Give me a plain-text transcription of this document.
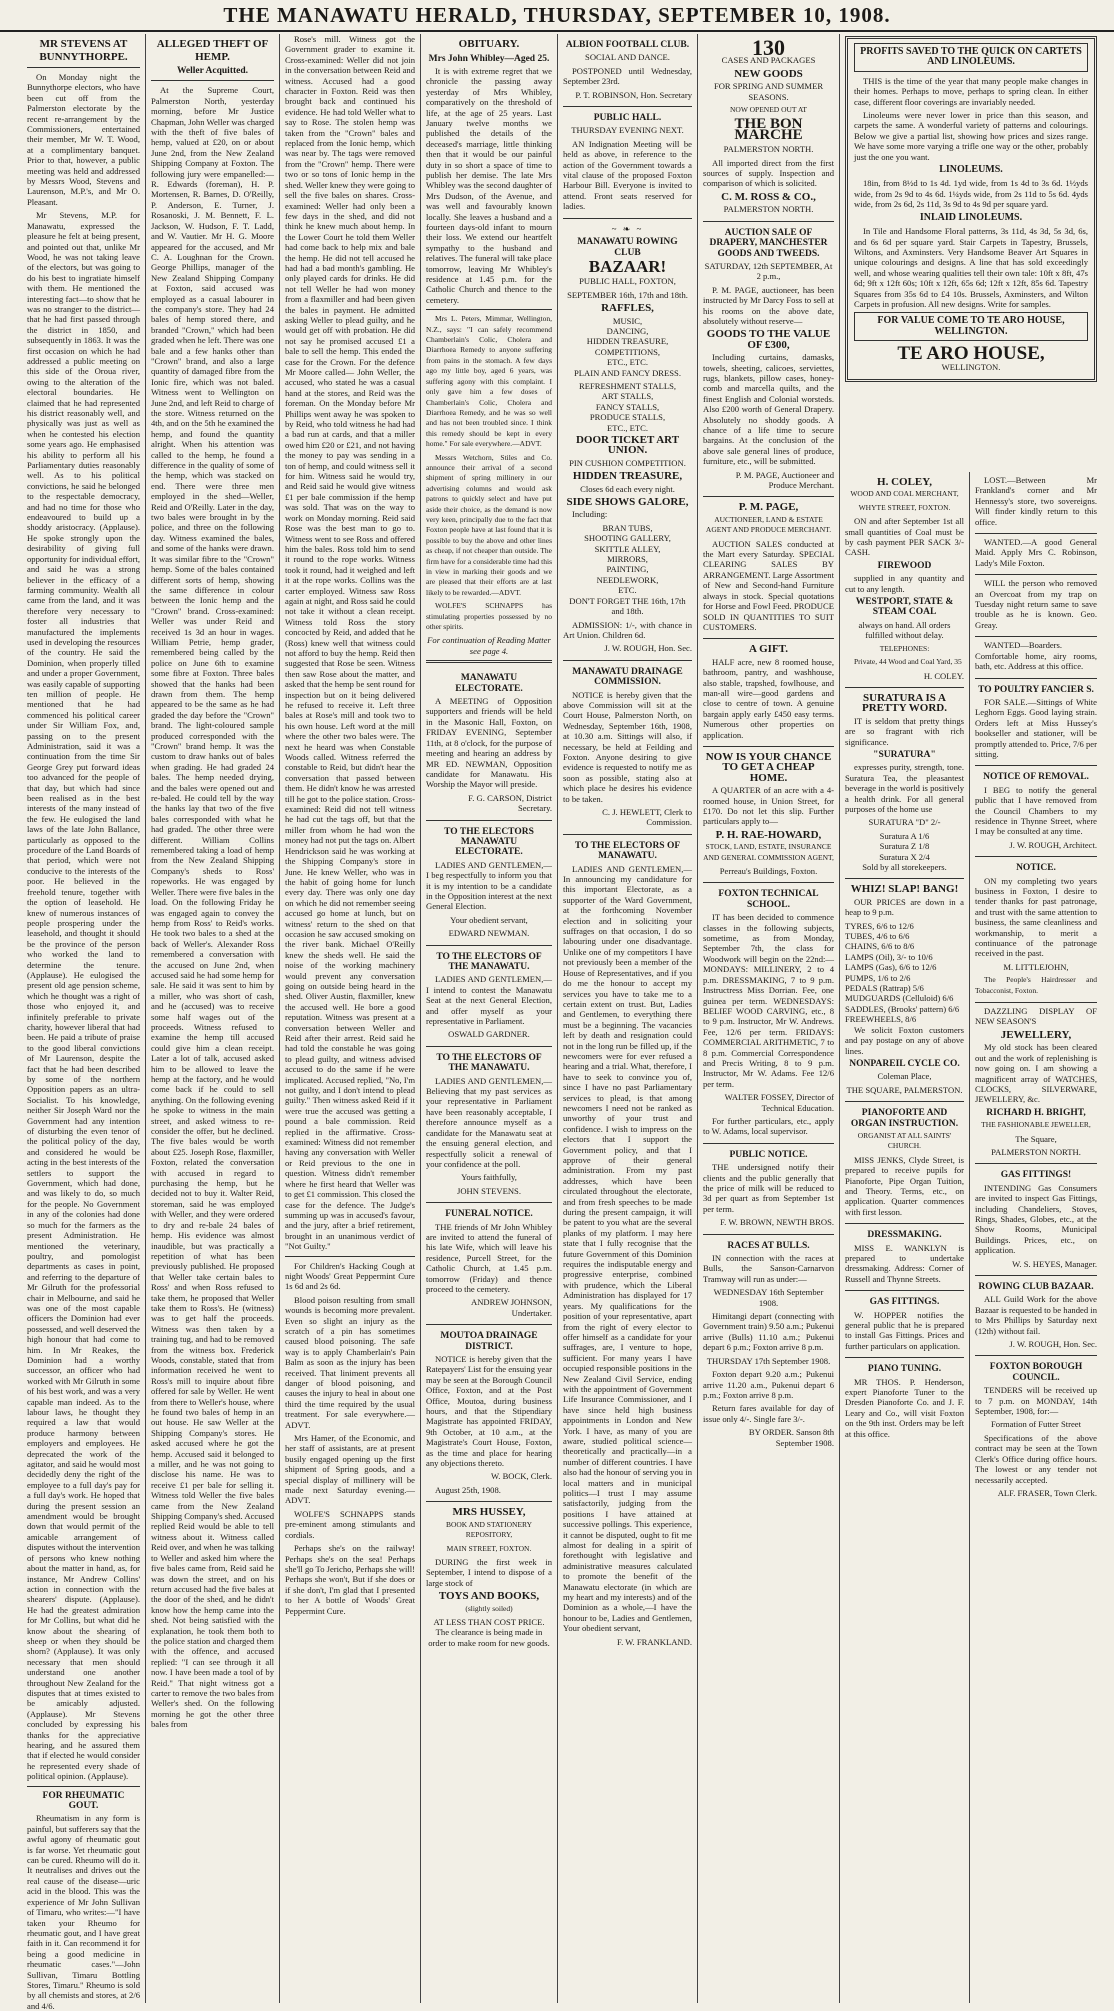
THE MANAWATU HERALD, THURSDAY, SEPTEMBER 10, 1908.
MR STEVENS AT BUNNYTHORPE.

On Monday night the Bunnythorpe electors, who have been cut off from the Palmerston electorate by the recent re-arrangement by the Commissioners, entertained their member, Mr W. T. Wood, at a complimentary banquet. Prior to that, however, a public meeting was held and addressed by Messrs Wood, Stevens and Laurenson, M.P.'s, and Mr O. Pleasant.

Mr Stevens, M.P. for Manawatu, expressed the pleasure he felt at being present, and pointed out that, unlike Mr Wood, he was not taking leave of the electors, but was going to do his best to ingratiate himself with them. He mentioned the interesting fact—to show that he was no stranger to the district—that he had first passed through the district in 1850, and subsequently in 1863. It was the first occasion on which he had addressed a public meeting on this side of the Oroua river, owing to the alteration of the electoral boundaries. He claimed that he had represented his district reasonably well, and physically was just as well as when he contested his election some years ago. He emphasised his ability to perform all his Parliamentary duties reasonably well. As to his political convictions, he said he belonged to the respectable democracy, and had no time for those who endeavoured to build up a shoddy aristocracy. (Applause). He spoke strongly upon the desirability of giving full opportunity for individual effort, and said he was a strong believer in the efficacy of a farming community. Wealth all came from the land, and it was therefore very necessary to foster all industries that manufactured the implements used in developing the resources of the country. He said the Dominion, when properly tilled and under a proper Government, was easily capable of supporting ten million of people. He mentioned that he had commenced his political career under Sir William Fox, and, passing on to the present Administration, said it was a continuation from the time Sir George Grey put forward ideas too advanced for the people of that day, but which had since been realised as in the best interests of the many instead of the few. He eulogised the land laws of the late John Ballance, particularly as opposed to the procedure of the Land Boards of that period, which were not conducive to the interests of the poor. He believed in the freehold tenure, together with the option of leasehold. He knew of numerous instances of people prospering under the leasehold, and thought it should be the province of the person who worked the land to determine the tenure. (Applause). He eulogised the present old age pension scheme, which he thought was a right of those who enjoyed it, and infinitely preferable to private charity, however liberal that had been. He paid a tribute of praise to the good liberal convictions of Mr Laurenson, despite the fact that he had been described by some of the northern Opposition papers as an ultra-Socialist. To his knowledge, neither Sir Joseph Ward nor the Government had any intention of disturbing the even tenor of the political policy of the day, and considered he would be acting in the best interests of the settlers to support the Government, which had done, and was likely to do, so much for the people. No Government in any of the colonies had done so much for the farmers as the present Administration. He mentioned the veterinary, poultry, and pomologist departments as cases in point, and referring to the departure of Mr Gilruth for the professorial chair in Melbourne, and said he was one of the most capable officers the Dominion had ever possessed, and well deserved the high honour that had come to him. In Mr Reakes, the Dominion had a worthy successor, an officer who had worked with Mr Gilruth in some of his best work, and was a very capable man indeed. As to the labour laws, he thought they required a law that would produce harmony between employers and employees. He deprecated the work of the agitator, and said he would most decidedly deny the right of the employee to a full day's pay for a full day's work. He hoped that during the present session an amendment would be brought down that would permit of the amicable arrangement of disputes without the intervention of persons who knew nothing about the matter in hand, as, for instance, Mr Andrew Collins' action in connection with the shearers' dispute. (Applause). He had the greatest admiration for Mr Collins, but what did he know about the shearing of sheep or when they should be shorn? (Applause). It was only necessary that men should understand one another throughout New Zealand for the disputes that at times existed to be amicably adjusted. (Applause). Mr Stevens concluded by expressing his thanks for the appreciative hearing, and he assured them that if elected he would consider he represented every shade of political opinion. (Applause).

FOR RHEUMATIC GOUT.

Rheumatism in any form is painful, but sufferers say that the awful agony of rheumatic gout is far worse. Yet rheumatic gout can be cured. Rheumo will do it. It neutralises and drives out the real cause of the disease—uric acid in the blood. This was the experience of Mr John Sullivan of Timaru, who writes:—"I have taken your Rheumo for rheumatic gout, and I have great faith in it. Can recommend it for being a good medicine in rheumatic cases."—John Sullivan, Timaru Bottling Stores, Timaru." Rheumo is sold by all chemists and stores, at 2/6 and 4/6.

ALLEGED THEFT OF HEMP.
Weller Acquitted.

At the Supreme Court, Palmerston North, yesterday morning, before Mr Justice Chapman, John Weller was charged with the theft of five bales of hemp, valued at £20, on or about June 2nd, from the New Zealand Shipping Company at Foxton. The following jury were empanelled:—R. Edwards (foreman), H. P. Mortensen, R. Barnes, D. O'Reilly, P. Anderson, E. Turner, J. Rosanoski, J. M. Bennett, F. L. Jackson, W. Hudson, F. T. Ladd, and W. Vautier. Mr H. G. Moore appeared for the accused, and Mr C. A. Loughnan for the Crown. George Phillips, manager of the New Zealand Shipping Company at Foxton, said accused was employed as a casual labourer in the company's store. They had 24 bales of hemp stored there, and branded "Crown," which had been graded when he left. There was one bale and a few hanks other than "Crown" brand, and also a large quantity of damaged fibre from the Ionic fire, which was not baled. Witness went to Wellington on June 2nd, and left Reid to charge of the store. Witness returned on the 4th, and on the 5th he examined the hemp, and found the quantity alright. When his attention was called to the hemp, he found a difference in the quality of some of the hemp, which was stacked on end. There were three men employed in the shed—Weller, Reid and O'Reilly. Later in the day, two bales were brought in by the police, and three on the following day. Witness examined the bales, and some of the hanks were drawn. It was similar fibre to the "Crown" hemp. Some of the bales contained different sorts of hemp, showing the same difference in colour between the Ionic hemp and the "Crown" brand. Cross-examined: Weller was under Reid and received 1s 3d an hour in wages. William Petrie, hemp grader, remembered being called by the police on June 6th to examine some fibre at Foxton. Three bales showed that the hanks had been drawn from them. The hemp appeared to be the same as he had graded the day before the "Crown" brand. The light-coloured sample produced corresponded with the "Crown" brand hemp. It was the custom to draw hanks out of bales when grading. He had graded 24 bales. The hemp needed drying, and the bales were opened out and re-baled. He could tell by the way the hanks lay that two of the five bales corresponded with what he had graded. The other three were different. William Collins remembered taking a load of hemp from the New Zealand Shipping Company's sheds to Ross' ropeworks. He was engaged by Weller. There were five bales in the load. On the following Friday he was engaged again to convey the hemp from Ross' to Reid's works. He took two bales to a shed at the back of Weller's. Alexander Ross remembered a conversation with the accused on June 2nd, when accused said he had some hemp for sale. He said it was sent to him by a miller, who was short of cash, and he (accused) was to receive some half wages out of the proceeds. Witness refused to examine the hemp till accused could give him a clean receipt. Later a lot of talk, accused asked him to be allowed to leave the hemp at the factory, and he would come back if he could to sell anything. On the following evening he spoke to witness in the main street, and asked witness to re-consider the offer, but he declined. The five bales would be worth about £25. Joseph Rose, flaxmiller, Foxton, related the conversation with accused in regard to purchasing the hemp, but he decided not to buy it. Walter Reid, storeman, said he was employed with Weller, and they were ordered to dry and re-bale 24 bales of hemp. His evidence was almost inaudible, but was practically a repetition of what has been previously published. He proposed that Weller take certain bales to Ross' and when Ross refused to take them, he proposed that Weller take them to Ross's. He (witness) was to get half the proceeds. Witness was then taken by a training tug, and had to be removed from the witness box. Frederick Woods, constable, stated that from information received he went to Ross's mill to inquire about fibre offered for sale by Weller. He went from there to Weller's house, where he found two bales of hemp in an out house. He saw Weller at the Shipping Company's stores. He asked accused where he got the hemp. Accused said it belonged to a miller, and he was not going to disclose his name. He was to receive £1 per bale for selling it. Witness told Weller the five bales came from the New Zealand Shipping Company's shed. Accused replied Reid would be able to tell witness about it. Witness called Reid over, and when he was talking to Weller and asked him where the five bales came from, Reid said he was down the street, and on his return accused had the five bales at the door of the shed, and he didn't know how the hemp came into the shed. Not being satisfied with the explanation, he took them both to the police station and charged them with the offence, and accused replied: "I can see through it all now. I have been made a tool of by Reid." That night witness got a carter to remove the two bales from Weller's shed. On the following morning he got the other three bales from

Rose's mill. Witness got the Government grader to examine it. Cross-examined: Weller did not join in the conversation between Reid and witness. Accused had a good character in Foxton. Reid was then brought back and continued his evidence. He had told Weller what to say to Rose. The stolen hemp was taken from the "Crown" bales and replaced from the Ionic hemp, which was near by. The tags were removed from the "Crown" hemp. There were two or so tons of Ionic hemp in the shed. Weller knew they were going to sell the five bales on shares. Cross-examined: Weller had only been a few days in the shed, and did not think he knew much about hemp. In the Lower Court he told them Weller had come back to help mix and bale the hemp. He did not tell accused he had had a bad month's gambling. He only played cards for drinks. He did not tell Weller he had won money from a flaxmiller and had been given the bales in payment. He admitted asking Weller to plead guilty, and he would get off with probation. He did not say he promised accused £1 a bale to sell the hemp. This ended the case for the Crown. For the defence Mr Moore called— John Weller, the accused, who stated he was a casual hand at the stores, and Reid was the foreman. On the Monday before Mr Phillips went away he was spoken to by Reid, who told witness he had had a bad run at cards, and that a miller owed him £20 or £21, and not having the money to pay was sending in a ton of hemp, and could witness sell it for him. Witness said he would try, and Reid said he would give witness £1 per bale commission if the hemp was sold. That was on the way to work on Monday morning. Reid said Rose was the best man to go to. Witness went to see Ross and offered him the bales. Ross told him to send it round to the rope works. Witness took it round, had it weighed and left it at the rope works. Collins was the carter employed. Witness saw Ross again at night, and Ross said he could not take it without a clean receipt. Witness told Ross the story concocted by Reid, and added that he (Ross) knew well that witness could not afford to buy the hemp. Reid then suggested that Rose be seen. Witness then saw Rose about the matter, and asked that the hemp be sent round for inspection but on it being delivered he refused to receive it. Left three bales at Rose's mill and took two to his own house. Left word at the mill where the other two bales were. The next he heard was when Constable Woods called. Witness referred the constable to Reid, but didn't hear the conversation that passed between them. He didn't know he was arrested till he got to the police station. Cross-examined: Reid did not tell witness he had cut the tags off, but that the miller from whom he had won the money had not put the tags on. Albert Hendrickson said he was working at the Shipping Company's store in June. He knew Weller, who was in the habit of going home for lunch every day. There was only one day on which he did not remember seeing accused go home at lunch, but on witness' return to the shed on that occasion he saw accused smoking on the river bank. Michael O'Reilly knew the sheds well. He said the noise of the working machinery would prevent any conversation going on outside being heard in the shed. Oliver Austin, flaxmiller, knew the accused well. He bore a good reputation. Witness was present at a conversation between Weller and Reid after their arrest. Reid said he had told the constable he was going to plead guilty, and witness advised accused to do the same if he were implicated. Accused replied, "No, I'm not guilty, and I don't intend to plead guilty." Then witness asked Reid if it were true the accused was getting a pound a bale commission. Reid replied in the affirmative. Cross-examined: Witness did not remember having any conversation with Weller or Reid previous to the one in question. Witness didn't remember where he first heard that Weller was to get £1 commission. This closed the case for the defence. The Judge's summing up was in accused's favour, and the jury, after a brief retirement, brought in an unanimous verdict of "Not Guilty."

For Children's Hacking Cough at night Woods' Great Peppermint Cure 1s 6d and 2s 6d.

Blood poison resulting from small wounds is becoming more prevalent. Even so slight an injury as the scratch of a pin has sometimes caused blood poisoning. The safe way is to apply Chamberlain's Pain Balm as soon as the injury has been received. That liniment prevents all danger of blood poisoning, and causes the injury to heal in about one third the time required by the usual treatment. For sale everywhere.—ADVT.

Mrs Hamer, of the Economic, and her staff of assistants, are at present busily engaged opening up the first shipment of Spring goods, and a special display of millinery will be made next Saturday evening.—ADVT.

WOLFE'S SCHNAPPS stands pre-eminent among stimulants and cordials.

Perhaps she's on the railway! Perhaps she's on the sea! Perhaps she'll go To Jericho, Perhaps she will! Perhaps she won't, But if she does or if she don't, I'm glad that I presented to her A bottle of Woods' Great Peppermint Cure.

OBITUARY.
Mrs John Whibley—Aged 25.

It is with extreme regret that we chronicle the passing away yesterday of Mrs Whibley, comparatively on the threshold of life, at the age of 25 years. Last January twelve months we published the details of the deceased's marriage, little thinking then that it would be our painful duty in so short a space of time to publish her demise. The late Mrs Whibley was the second daughter of Mrs Dudson, of the Avenue, and was well and favourably known locally. She leaves a husband and a fourteen days-old infant to mourn their loss. We extend our heartfelt sympathy to the husband and relatives. The funeral will take place tomorrow, leaving Mr Whibley's residence at 1.45 p.m. for the Catholic Church and thence to the cemetery.

Mrs L. Peters, Mimmar, Wellington, N.Z., says: "I can safely recommend Chamberlain's Colic, Cholera and Diarrhoea Remedy to anyone suffering from pains in the stomach. A few days ago my little boy, aged 6 years, was suffering agony with this complaint. I only gave him a few doses of Chamberlain's Colic, Cholera and Diarrhoea Remedy, and he was so well and has not been troubled since. I think this remedy should be kept in every home." For sale everywhere.—ADVT.

Messrs Wetchorn, Stiles and Co. announce their arrival of a second shipment of spring millinery in our advertising columns and would ask patrons to quickly select and have put aside their choice, as the demand is now very keen, principally due to the fact that Foxton people have at last found that it is possible to buy the above and other lines as cheap, if not cheaper than outside. The firm have for a considerable time had this in view in marking their goods and we are pleased that their efforts are at last likely to be rewarded.—ADVT.

WOLFE'S SCHNAPPS has stimulating properties possessed by no other spirits.

For continuation of Reading Matter see page 4.

MANAWATU ELECTORATE.

A MEETING of Opposition supporters and friends will be held in the Masonic Hall, Foxton, on FRIDAY EVENING, September 11th, at 8 o'clock, for the purpose of meeting and hearing an address by MR ED. NEWMAN, Opposition candidate for Manawatu. His Worship the Mayor will preside.

F. G. CARSON, District Secretary.

TO THE ELECTORS MANAWATU ELECTORATE.

LADIES AND GENTLEMEN,—I beg respectfully to inform you that it is my intention to be a candidate in the Opposition interest at the next General Election.

Your obedient servant,

EDWARD NEWMAN.

TO THE ELECTORS OF THE MANAWATU.

LADIES AND GENTLEMEN,—I intend to contest the Manawatu Seat at the next General Election, and offer myself as your representative in Parliament.

OSWALD GARDNER.

TO THE ELECTORS OF THE MANAWATU.

LADIES AND GENTLEMEN,— Believing that my past services as your representative in Parliament have been reasonably acceptable, I therefore announce myself as a candidate for the Manawatu seat at the ensuing general election, and respectfully solicit a renewal of your confidence at the poll.

Yours faithfully,

JOHN STEVENS.

FUNERAL NOTICE.

THE friends of Mr John Whibley are invited to attend the funeral of his late Wife, which will leave his residence, Purcell Street, for the Catholic Church, at 1.45 p.m. tomorrow (Friday) and thence proceed to the cemetery.

ANDREW JOHNSON, Undertaker.

MOUTOA DRAINAGE DISTRICT.

NOTICE is hereby given that the Ratepayers' List for the ensuing year may be seen at the Borough Council Office, Foxton, and at the Post Office, Moutoa, during business hours, and that the Stipendiary Magistrate has appointed FRIDAY, 9th October, at 10 a.m., at the Magistrate's Court House, Foxton, as the time and place for hearing any objections thereto.

W. BOCK, Clerk.

August 25th, 1908.

MRS HUSSEY,

BOOK AND STATIONERY REPOSITORY,

MAIN STREET, FOXTON.

DURING the first week in September, I intend to dispose of a large stock of

TOYS AND BOOKS,

(slightly soiled)

AT LESS THAN COST PRICE. The clearance is being made in order to make room for new goods.

ALBION FOOTBALL CLUB.

SOCIAL AND DANCE.

POSTPONED until Wednesday, September 23rd.

P. T. ROBINSON, Hon. Secretary

PUBLIC HALL.

THURSDAY EVENING NEXT.

AN Indignation Meeting will be held as above, in reference to the action of the Government towards a vital clause of the proposed Foxton Harbour Bill. Everyone is invited to attend. Front seats reserved for ladies.

~ ❧ ~
MANAWATU ROWING CLUB
BAZAAR!

PUBLIC HALL, FOXTON,

SEPTEMBER 16th, 17th and 18th.

RAFFLES,

MUSIC,

DANCING,

HIDDEN TREASURE,

COMPETITIONS,

ETC., ETC.

PLAIN AND FANCY DRESS.

REFRESHMENT STALLS,

ART STALLS,

FANCY STALLS,

PRODUCE STALLS,

ETC., ETC.

DOOR TICKET ART UNION.

PIN CUSHION COMPETITION.

HIDDEN TREASURE,

Closes 6d each every night.

SIDE SHOWS GALORE,

Including:

BRAN TUBS,

SHOOTING GALLERY,

SKITTLE ALLEY,

MIRRORS,

PAINTING,

NEEDLEWORK,

ETC.

DON'T FORGET THE 16th, 17th and 18th.

ADMISSION: 1/-, with chance in Art Union. Children 6d.

J. W. ROUGH, Hon. Sec.

MANAWATU DRAINAGE COMMISSION.

NOTICE is hereby given that the above Commission will sit at the Court House, Palmerston North, on Wednesday, September 16th, 1908, at 10.30 a.m. Sittings will also, if necessary, be held at Feilding and Foxton. Anyone desiring to give evidence is requested to notify me as soon as possible, stating also at which place he desires his evidence to be taken.

C. J. HEWLETT, Clerk to Commission.

TO THE ELECTORS OF MANAWATU.

LADIES AND GENTLEMEN,—In announcing my candidature for this important Electorate, as a supporter of the Ward Government, at the forthcoming November election and in soliciting your suffrages on that occasion, I do so labouring under one disadvantage. Unlike one of my competitors I have not previously been a member of the House of Representatives, and if you do me the honour to accept my services you have to take me to a certain extent on trust. But, Ladies and Gentlemen, to everything there must be a beginning. The vacancies left by death and resignation could not in the long run be filled up, if the newcomers were for ever refused a hearing and a trial. What, therefore, I have to seek to convince you of, since I have no past Parliamentary services to plead, is that among newcomers I need not be ranked as unworthy of your trust and confidence. I wish to impress on the electors that I support the Government policy, and that I approve of their general administration. From my past addresses, which have been circulated throughout the electorate, and from fresh speeches to be made during the present campaign, it will be patent to you what are the several planks of my platform. I may here state that I fully recognise that the future Government of this Dominion requires the indisputable energy and progressive enterprise, combined with prudence, which the Liberal Administration has displayed for 17 years. My qualifications for the position of your representative, apart from the right of every elector to offer himself as a candidate for your suffrages, are, I venture to hope, sufficient. For many years I have occupied responsible positions in the New Zealand Civil Service, ending with the appointment of Government Life Insurance Commissioner, and I have since held high business appointments in London and New York. I have, as many of you are aware, studied political science—theoretically and practically—in a number of different countries. I have also had the honour of serving you in local matters and in municipal politics—I trust I may assume satisfactorily, judging from the positions I have attained at successive pollings. This experience, it cannot be disputed, ought to fit me almost for dealing in a spirit of forethought with legislative and administrative measures calculated to promote the benefit of the Manawatu electorate (in which are my heart and my interests) and of the Dominion as a whole,—I have the honour to be, Ladies and Gentlemen, Your obedient servant,

F. W. FRANKLAND.

130

CASES AND PACKAGES

NEW GOODS

FOR SPRING AND SUMMER SEASONS.

NOW OPENED OUT AT

THE BON MARCHE

PALMERSTON NORTH.

All imported direct from the first sources of supply. Inspection and comparison of which is solicited.

C. M. ROSS & CO.,

PALMERSTON NORTH.

AUCTION SALE OF DRAPERY, MANCHESTER GOODS AND TWEEDS.

SATURDAY, 12th SEPTEMBER, At 2 p.m.,

P. M. PAGE, auctioneer, has been instructed by Mr Darcy Foss to sell at his rooms on the above date, absolutely without reserve—

GOODS TO THE VALUE OF £300,

Including curtains, damasks, towels, sheeting, calicoes, serviettes, rugs, blankets, pillow cases, honey-comb and marcella quilts, and the finest English and Colonial worsteds. Also £200 worth of General Drapery. Absolutely no shoddy goods. A chance of a life time to secure bargains. At the conclusion of the above sale general lines of produce, furniture, etc., will be submitted.

P. M. PAGE, Auctioneer and Produce Merchant.

P. M. PAGE,

AUCTIONEER, LAND & ESTATE AGENT AND PRODUCE MERCHANT.

AUCTION SALES conducted at the Mart every Saturday. SPECIAL CLEARING SALES BY ARRANGEMENT. Large Assortment of New and Second-hand Furniture always in stock. Special quotations for Horse and Fowl Feed. PRODUCE SOLD IN QUANTITIES TO SUIT CUSTOMERS.

A GIFT.

HALF acre, new 8 roomed house, bathroom, pantry, and washhouse, also stable, trapshed, fowlhouse, and man-all wire—good gardens and close to centre of town. A genuine bargain apply early £450 easy terms. Numerous other properties on application.

NOW IS YOUR CHANCE TO GET A CHEAP HOME.

A QUARTER of an acre with a 4-roomed house, in Union Street, for £170. Do not let this slip. Further particulars apply to—

P. H. RAE-HOWARD,

STOCK, LAND, ESTATE, INSURANCE AND GENERAL COMMISSION AGENT,

Perreau's Buildings, Foxton.

FOXTON TECHNICAL SCHOOL.

IT has been decided to commence classes in the following subjects, sometime, as from Monday, September 7th, the class for Woodwork will begin on the 22nd:— MONDAYS: MILLINERY, 2 to 4 p.m. DRESSMAKING, 7 to 9 p.m. Instructress Miss Dorrian. Fee, one guinea per term. WEDNESDAYS: BELIEF WOOD CARVING, etc., 8 to 9 p.m. Instructor, Mr W. Andrews. Fee, 12/6 per term. FRIDAYS: COMMERCIAL ARITHMETIC, 7 to 8 p.m. Commercial Correspondence and Precis Writing, 8 to 9 p.m. Instructor, Mr W. Adams. Fee 12/6 per term.

WALTER FOSSEY, Director of Technical Education.

For further particulars, etc., apply to W. Adams, local supervisor.

PUBLIC NOTICE.

THE undersigned notify their clients and the public generally that the price of milk will be reduced to 3d per quart as from September 1st per term.

F. W. BROWN, NEWTH BROS.

RACES AT BULLS.

IN connection with the races at Bulls, the Sanson-Carnarvon Tramway will run as under:—

WEDNESDAY 16th September 1908.

Himitangi depart (connecting with Government train) 9.50 a.m.; Pukenui arrive (Bulls) 11.10 a.m.; Pukenui depart 6 p.m.; Foxton arrive 8 p.m.

THURSDAY 17th September 1908.

Foxton depart 9.20 a.m.; Pukenui arrive 11.20 a.m., Pukenui depart 6 p.m.; Foxton arrive 8 p.m.

Return fares available for day of issue only 4/-. Single fare 3/-.

BY ORDER. Sanson 8th September 1908.

PROFITS SAVED TO THE QUICK ON CARTETS AND LINOLEUMS.

THIS is the time of the year that many people make changes in their homes. Perhaps to move, perhaps to spring clean. In either case, different floor coverings are invariably needed.

Linoleums were never lower in price than this season, and carpets the same. A wonderful variety of patterns and colourings. Below we give a partial list, showing how prices and sizes range. We have some more varying a trifle one way or the other, probably just the one you want.

LINOLEUMS.

18in, from 8½d to 1s 4d. 1yd wide, from 1s 4d to 3s 6d. 1½yds wide, from 2s 9d to 4s 6d. 1¼yds wide, from 2s 11d to 5s 6d. 4yds wide, from 2s 6d, 2s 11d, 3s 9d to 4s 9d per square yard.

INLAID LINOLEUMS.

In Tile and Handsome Floral patterns, 3s 11d, 4s 3d, 5s 3d, 6s, and 6s 6d per square yard. Stair Carpets in Tapestry, Brussels, Wiltons, and Axminsters. Very Handsome Beaver Art Squares in unique colourings and designs. A line that has sold exceedingly well, and whose wearing qualities tell their own tale: 10ft x 8ft, 47s 6d; 9ft x 12ft 60s; 10ft x 12ft, 65s 6d; 12ft x 12ft, 85s 6d. Tapestry Squares from 35s 6d to £4 10s. Brussels, Axminsters, and Wilton Carpets in profusion. All new designs. Write for samples.

FOR VALUE COME TO TE ARO HOUSE, WELLINGTON.
TE ARO HOUSE,

WELLINGTON.

H. COLEY,

WOOD AND COAL MERCHANT,

WHYTE STREET, FOXTON.

ON and after September 1st all small quantities of Coal must be by cash payment PER SACK 3/- CASH.

FIREWOOD

supplied in any quantity and cut to any length.

WESTPORT, STATE & STEAM COAL

always on hand. All orders fulfilled without delay.

TELEPHONES:

Private, 44 Wood and Coal Yard, 35

H. COLEY.

SURATURA IS A PRETTY WORD.

IT is seldom that pretty things are so fragrant with rich significance.

"SURATURA"

expresses purity, strength, tone. Suratura Tea, the pleasantest beverage in the world is positively a health drink. For all general purposes of the home use

SURATURA "D" 2/-

Suratura A 1/6

Suratura Z 1/8

Suratura X 2/4

Sold by all storekeepers.

WHIZ! SLAP! BANG!

OUR PRICES are down in a heap to 9 p.m.

TYRES, 6/6 to 12/6

TUBES, 4/6 to 6/6

CHAINS, 6/6 to 8/6

LAMPS (Oil), 3/- to 10/6

LAMPS (Gas), 6/6 to 12/6

PUMPS, 1/6 to 2/6

PEDALS (Rattrap) 5/6

MUDGUARDS (Celluloid) 6/6

SADDLES, (Brooks' pattern) 6/6

FREEWHEELS, 8/6

We solicit Foxton customers and pay postage on any of above lines.

NONPAREIL CYCLE CO.

Coleman Place,

THE SQUARE, PALMERSTON.

PIANOFORTE AND ORGAN INSTRUCTION.

ORGANIST AT ALL SAINTS' CHURCH.

MISS JENKS, Clyde Street, is prepared to receive pupils for Pianoforte, Pipe Organ Tuition, and Theory. Terms, etc., on application. Quarter commences with first lesson.

DRESSMAKING.

MISS E. WANKLYN is prepared to undertake dressmaking. Address: Corner of Russell and Thynne Streets.

GAS FITTINGS.

W. HOPPER notifies the general public that he is prepared to install Gas Fittings. Prices and further particulars on application.

PIANO TUNING.

MR THOS. P. Henderson, expert Pianoforte Tuner to the Dresden Pianoforte Co. and J. F. Leary and Co., will visit Foxton on the 9th inst. Orders may be left at this office.

LOST.—Between Mr Frankland's corner and Mr Hennessy's store, two sovereigns. Will finder kindly return to this office.

WANTED.—A good General Maid. Apply Mrs C. Robinson, Lady's Mile Foxton.

WILL the person who removed an Overcoat from my trap on Tuesday night return same to save trouble as he is known. Geo. Greay.

WANTED—Boarders. Comfortable home, airy rooms, bath, etc. Address at this office.

TO POULTRY FANCIER S.

FOR SALE.—Sittings of White Leghorn Eggs. Good laying strain. Orders left at Miss Hussey's bookseller and stationer, will be promptly attended to. Price, 7/6 per sitting.

NOTICE OF REMOVAL.

I BEG to notify the general public that I have removed from the Council Chambers to my residence in Thynne Street, where I may be consulted at any time.

J. W. ROUGH, Architect.

NOTICE.

ON my completing two years business in Foxton, I desire to tender thanks for past patronage, and trust with the same attention to business, the same cleanliness and workmanship, to merit a continuance of the patronage received in the past.

M. LITTLEJOHN,

The People's Hairdresser and Tobacconist, Foxton.

DAZZLING DISPLAY OF NEW SEASON'S

JEWELLERY,

My old stock has been cleared out and the work of replenishing is now going on. I am showing a magnificent array of WATCHES, CLOCKS, SILVERWARE, JEWELLERY, &c.

RICHARD H. BRIGHT,

THE FASHIONABLE JEWELLER,

The Square,

PALMERSTON NORTH.

GAS FITTINGS!

INTENDING Gas Consumers are invited to inspect Gas Fittings, including Chandeliers, Stoves, Rings, Shades, Globes, etc., at the Show Rooms, Municipal Buildings. Prices, etc., on application.

W. S. HEYES, Manager.

ROWING CLUB BAZAAR.

ALL Guild Work for the above Bazaar is requested to be handed in to Mrs Phillips by Saturday next (12th) without fail.

J. W. ROUGH, Hon. Sec.

FOXTON BOROUGH COUNCIL.

TENDERS will be received up to 7 p.m. on MONDAY, 14th September, 1908, for:—

Formation of Futter Street

Specifications of the above contract may be seen at the Town Clerk's Office during office hours. The lowest or any tender not necessarily accepted.

ALF. FRASER, Town Clerk.
